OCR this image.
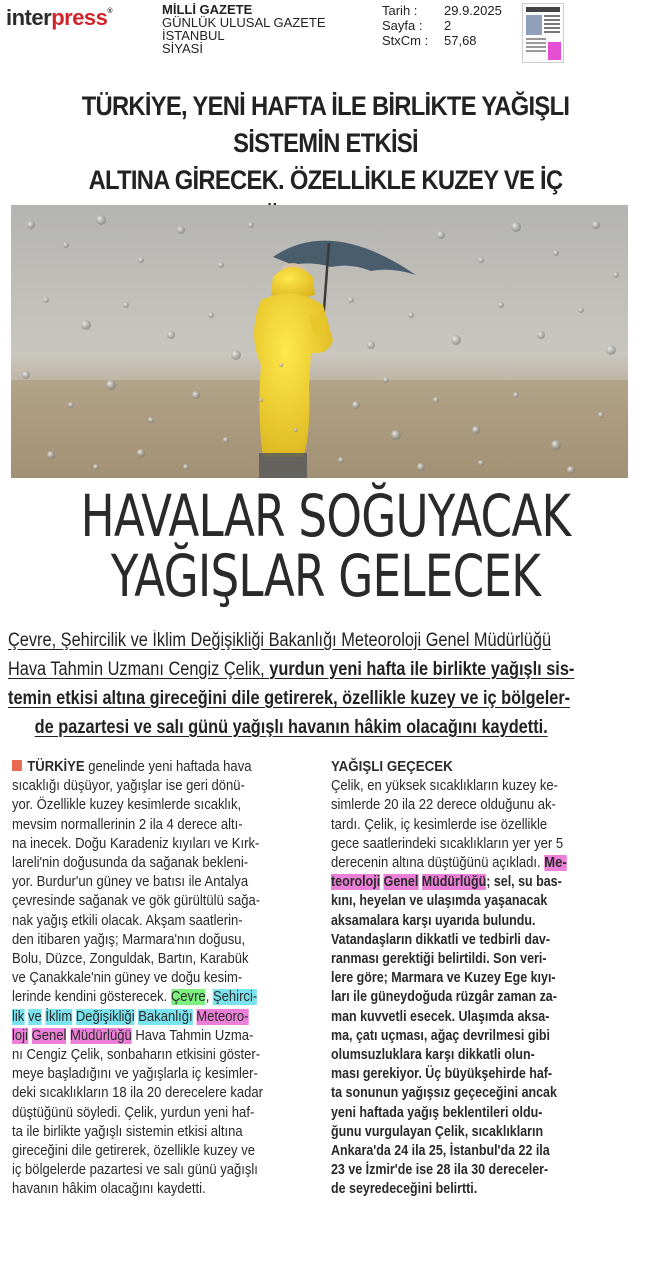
interpress®	MİLLİ GAZETE
GÜNLÜK ULUSAL GAZETE
İSTANBUL
SİYASİ
Tarih :	29.9.2025
Sayfa :	2
StxCm :	57,68
TÜRKİYE, YENİ HAFTA İLE BİRLİKTE YAĞIŞLI SİSTEMİN ETKİSİ
ALTINA GİRECEK. ÖZELLİKLE KUZEY VE İÇ
HAVALAR SOĞUYACAK
YAĞIŞLAR GELECEK
Çevre, Şehircilik ve İklim Değişikliği Bakanlığı Meteoroloji Genel Müdürlüğü
Hava Tahmin Uzmanı Cengiz Çelik, yurdun yeni hafta ile birlikte yağışlı sis-
temin etkisi altına gireceğini dile getirerek, özellikle kuzey ve iç bölgeler-
de pazartesi ve salı günü yağışlı havanın hâkim olacağını kaydetti.
TÜRKİYE genelinde yeni haftada hava
sıcaklığı düşüyor, yağışlar ise geri dönü-
yor. Özellikle kuzey kesimlerde sıcaklık,
mevsim normallerinin 2 ila 4 derece altı-
na inecek. Doğu Karadeniz kıyıları ve Kırk-
lareli'nin doğusunda da sağanak bekleni-
yor. Burdur'un güney ve batısı ile Antalya
çevresinde sağanak ve gök gürültülü sağa-
nak yağış etkili olacak. Akşam saatlerin-
den itibaren yağış; Marmara'nın doğusu,
Bolu, Düzce, Zonguldak, Bartın, Karabük
ve Çanakkale'nin güney ve doğu kesim-
lerinde kendini gösterecek. Çevre, Şehirci-
lik ve İklim Değişikliği Bakanlığı Meteoro-
loji Genel Müdürlüğü Hava Tahmin Uzma-
nı Cengiz Çelik, sonbaharın etkisini göster-
meye başladığını ve yağışlarla iç kesimler-
deki sıcaklıkların 18 ila 20 derecelere kadar
düştüğünü söyledi. Çelik, yurdun yeni haf-
ta ile birlikte yağışlı sistemin etkisi altına
gireceğini dile getirerek, özellikle kuzey ve
iç bölgelerde pazartesi ve salı günü yağışlı
havanın hâkim olacağını kaydetti.
YAĞIŞLI GEÇECEK
Çelik, en yüksek sıcaklıkların kuzey ke-
simlerde 20 ila 22 derece olduğunu ak-
tardı. Çelik, iç kesimlerde ise özellikle
gece saatlerindeki sıcaklıkların yer yer 5
derecenin altına düştüğünü açıkladı. Me-
teoroloji Genel Müdürlüğü; sel, su bas-
kını, heyelan ve ulaşımda yaşanacak
aksamalara karşı uyarıda bulundu.
Vatandaşların dikkatli ve tedbirli dav-
ranması gerektiği belirtildi. Son veri-
lere göre; Marmara ve Kuzey Ege kıyı-
ları ile güneydoğuda rüzgâr zaman za-
man kuvvetli esecek. Ulaşımda aksa-
ma, çatı uçması, ağaç devrilmesi gibi
olumsuzluklara karşı dikkatli olun-
ması gerekiyor. Üç büyükşehirde haf-
ta sonunun yağışsız geçeceğini ancak
yeni haftada yağış beklentileri oldu-
ğunu vurgulayan Çelik, sıcaklıkların
Ankara'da 24 ila 25, İstanbul'da 22 ila
23 ve İzmir'de ise 28 ila 30 dereceler-
de seyredeceğini belirtti.
